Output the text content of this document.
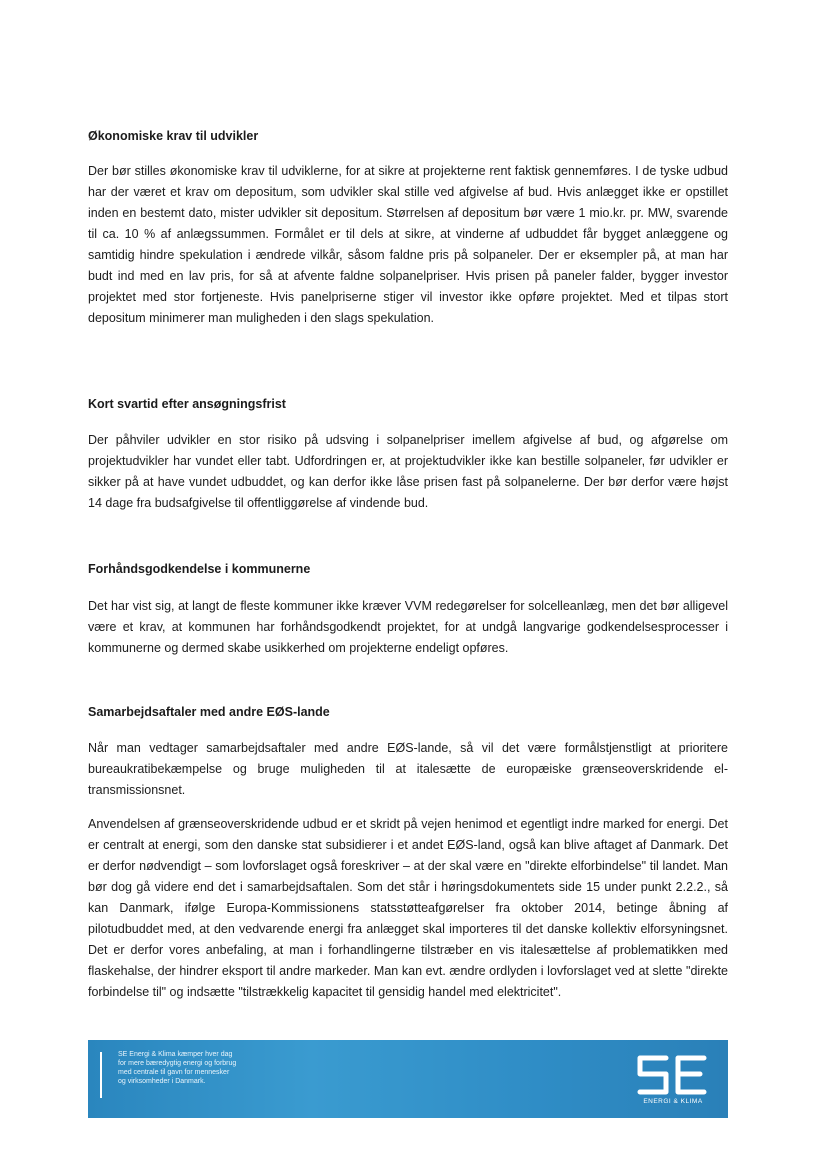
Økonomiske krav til udvikler

Der bør stilles økonomiske krav til udviklerne, for at sikre at projekterne rent faktisk gennemføres. I de tyske udbud har der været et krav om depositum, som udvikler skal stille ved afgivelse af bud. Hvis anlægget ikke er opstillet inden en bestemt dato, mister udvikler sit depositum. Størrelsen af depositum bør være 1 mio.kr. pr. MW, svarende til ca. 10 % af anlægssummen. Formålet er til dels at sikre, at vinderne af udbuddet får bygget anlæggene og samtidig hindre spekulation i ændrede vilkår, såsom faldne pris på solpaneler. Der er eksempler på, at man har budt ind med en lav pris, for så at afvente faldne solpanelpriser. Hvis prisen på paneler falder, bygger investor projektet med stor fortjeneste. Hvis panelpriserne stiger vil investor ikke opføre projektet. Med et tilpas stort depositum minimerer man muligheden i den slags spekulation.

Kort svartid efter ansøgningsfrist

Der påhviler udvikler en stor risiko på udsving i solpanelpriser imellem afgivelse af bud, og afgørelse om projektudvikler har vundet eller tabt. Udfordringen er, at projektudvikler ikke kan bestille solpaneler, før udvikler er sikker på at have vundet udbuddet, og kan derfor ikke låse prisen fast på solpanelerne. Der bør derfor være højst 14 dage fra budsafgivelse til offentliggørelse af vindende bud.

Forhåndsgodkendelse i kommunerne

Det har vist sig, at langt de fleste kommuner ikke kræver VVM redegørelser for solcelleanlæg, men det bør alligevel være et krav, at kommunen har forhåndsgodkendt projektet, for at undgå langvarige godkendelsesprocesser i kommunerne og dermed skabe usikkerhed om projekterne endeligt opføres.

Samarbejdsaftaler med andre EØS-lande

Når man vedtager samarbejdsaftaler med andre EØS-lande, så vil det være formålstjenstligt at prioritere bureaukratibekæmpelse og bruge muligheden til at italesætte de europæiske grænseoverskridende el-transmissionsnet.

Anvendelsen af grænseoverskridende udbud er et skridt på vejen henimod et egentligt indre marked for energi. Det er centralt at energi, som den danske stat subsidierer i et andet EØS-land, også kan blive aftaget af Danmark. Det er derfor nødvendigt – som lovforslaget også foreskriver – at der skal være en "direkte elforbindelse" til landet. Man bør dog gå videre end det i samarbejdsaftalen. Som det står i høringsdokumentets side 15 under punkt 2.2.2., så kan Danmark, ifølge Europa-Kommissionens statsstøtteafgørelser fra oktober 2014, betinge åbning af pilotudbuddet med, at den vedvarende energi fra anlægget skal importeres til det danske kollektiv elforsyningsnet. Det er derfor vores anbefaling, at man i forhandlingerne tilstræber en vis italesættelse af problematikken med flaskehalse, der hindrer eksport til andre markeder. Man kan evt. ændre ordlyden i lovforslaget ved at slette "direkte forbindelse til" og indsætte "tilstrækkelig kapacitet til gensidig handel med elektricitet".

SE Energi & Klima kæmper hver dag
for mere bæredygtig energi og forbrug
med centrale til gavn for mennesker
og virksomheder i Danmark.
ENERGI & KLIMA
